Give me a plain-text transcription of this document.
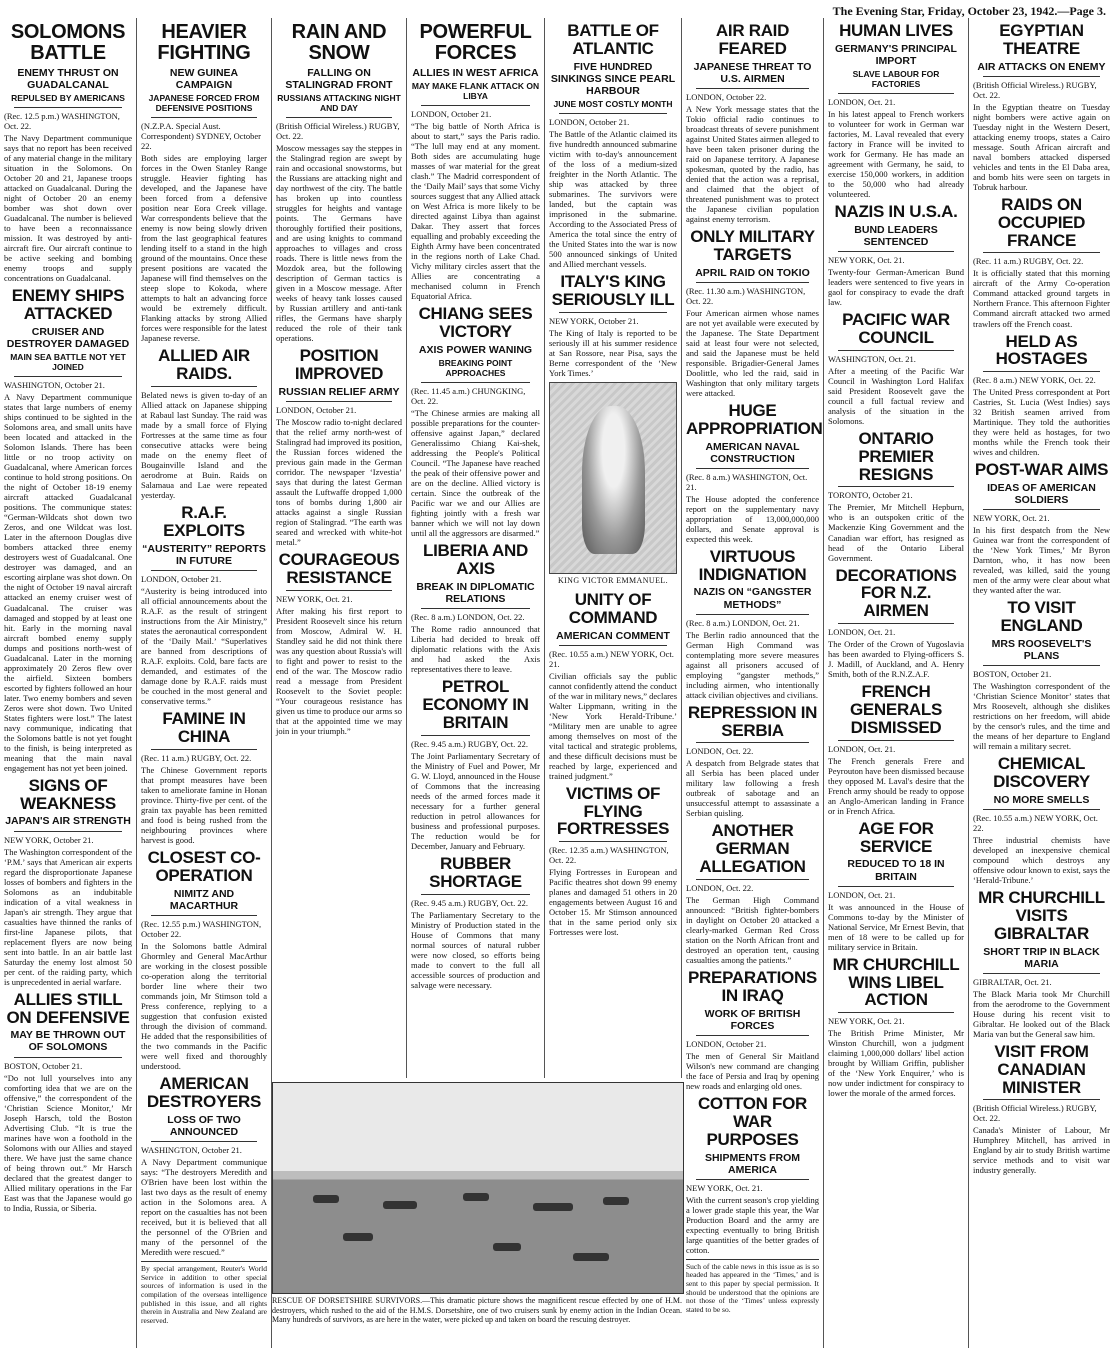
The Evening Star, Friday, October 23, 1942.—Page 3.
SOLOMONS BATTLE
ENEMY THRUST ON GUADALCANAL
REPULSED BY AMERICANS
(Rec. 12.5 p.m.) WASHINGTON, Oct. 22.

The Navy Department communique says that no report has been received of any material change in the military situation in the Solomons. On October 20 and 21, Japanese troops attacked on Guadalcanal. During the night of October 20 an enemy bomber was shot down over Guadalcanal. The number is believed to have been a reconnaissance mission. It was destroyed by anti-aircraft fire. Our aircraft continue to be active seeking and bombing enemy troops and supply concentrations on Guadalcanal.

ENEMY SHIPS ATTACKED
CRUISER AND DESTROYER DAMAGED
MAIN SEA BATTLE NOT YET JOINED
WASHINGTON, October 21.

A Navy Department communique states that large numbers of enemy ships continued to be sighted in the Solomons area, and small units have been located and attacked in the Solomon Islands. There has been little or no troop activity on Guadalcanal, where American forces continue to hold strong positions. On the night of October 18-19 enemy aircraft attacked Guadalcanal positions. The communique states: “German-Wildcats shot down two Zeros, and one Wildcat was lost. Later in the afternoon Douglas dive bombers attacked three enemy destroyers west of Guadalcanal. One destroyer was damaged, and an escorting airplane was shot down. On the night of October 19 naval aircraft attacked an enemy cruiser west of Guadalcanal. The cruiser was damaged and stopped by at least one hit. Early in the morning naval aircraft bombed enemy supply dumps and positions north-west of Guadalcanal. Later in the morning approximately 20 Zeros flew over the airfield. Sixteen bombers escorted by fighters followed an hour later. Two enemy bombers and seven Zeros were shot down. Two United States fighters were lost.” The latest navy communique, indicating that the Solomons battle is not yet fought to the finish, is being interpreted as meaning that the main naval engagement has not yet been joined.

SIGNS OF WEAKNESS
JAPAN'S AIR STRENGTH
NEW YORK, October 21.

The Washington correspondent of the ‘P.M.’ says that American air experts regard the disproportionate Japanese losses of bombers and fighters in the Solomons as an indubitable indication of a vital weakness in Japan's air strength. They argue that casualties have thinned the ranks of first-line Japanese pilots, that replacement flyers are now being sent into battle. In an air battle last Saturday the enemy lost almost 50 per cent. of the raiding party, which is unprecedented in aerial warfare.

ALLIES STILL ON DEFENSIVE
MAY BE THROWN OUT OF SOLOMONS
BOSTON, October 21.

“Do not lull yourselves into any comforting idea that we are on the offensive,” the correspondent of the ‘Christian Science Monitor,’ Mr Joseph Harsch, told the Boston Advertising Club. “It is true the marines have won a foothold in the Solomons with our Allies and stayed there. We have just the same chance of being thrown out.” Mr Harsch declared that the greatest danger to Allied military operations in the Far East was that the Japanese would go to India, Russia, or Siberia.

HEAVIER FIGHTING
NEW GUINEA CAMPAIGN
JAPANESE FORCED FROM DEFENSIVE POSITIONS
(N.Z.P.A. Special Aust. Correspondent) SYDNEY, October 22.

Both sides are employing larger forces in the Owen Stanley Range struggle. Heavier fighting has developed, and the Japanese have been forced from a defensive position near Eora Creek village. War correspondents believe that the enemy is now being slowly driven from the last geographical features lending itself to a stand in the high ground of the mountains. Once these present positions are vacated the Japanese will find themselves on the steep slope to Kokoda, where attempts to halt an advancing force would be extremely difficult. Flanking attacks by strong Allied forces were responsible for the latest Japanese reverse.

ALLIED AIR RAIDS.

Belated news is given to-day of an Allied attack on Japanese shipping at Rabaul last Sunday. The raid was made by a small force of Flying Fortresses at the same time as four consecutive attacks were being made on the enemy fleet of Bougainville Island and the aerodrome at Buin. Raids on Salamaua and Lae were repeated yesterday.

R.A.F. EXPLOITS
“AUSTERITY” REPORTS IN FUTURE
LONDON, October 21.

“Austerity is being introduced into all official announcements about the R.A.F. as the result of stringent instructions from the Air Ministry,” states the aeronautical correspondent of the ‘Daily Mail.’ “Superlatives are banned from descriptions of R.A.F. exploits. Cold, bare facts are demanded, and estimates of the damage done by R.A.F. raids must be couched in the most general and conservative terms.”

FAMINE IN CHINA
(Rec. 11 a.m.) RUGBY, Oct. 22.

The Chinese Government reports that prompt measures have been taken to ameliorate famine in Honan province. Thirty-five per cent. of the grain tax payable has been remitted and food is being rushed from the neighbouring provinces where harvest is good.

CLOSEST CO-OPERATION
NIMITZ AND MACARTHUR
(Rec. 12.55 p.m.) WASHINGTON, October 22.

In the Solomons battle Admiral Ghormley and General MacArthur are working in the closest possible co-operation along the territorial border line where their two commands join, Mr Stimson told a Press conference, replying to a suggestion that confusion existed through the division of command. He added that the responsibilities of the two commands in the Pacific were well fixed and thoroughly understood.

AMERICAN DESTROYERS
LOSS OF TWO ANNOUNCED
WASHINGTON, October 21.

A Navy Department communique says: “The destroyers Meredith and O'Brien have been lost within the last two days as the result of enemy action in the Solomons area. A report on the casualties has not been received, but it is believed that all the personnel of the O'Brien and many of the personnel of the Meredith were rescued.”

By special arrangement, Reuter's World Service in addition to other special sources of information is used in the compilation of the overseas intelligence published in this issue, and all rights therein in Australia and New Zealand are reserved.
RAIN AND SNOW
FALLING ON STALINGRAD FRONT
RUSSIANS ATTACKING NIGHT AND DAY
(British Official Wireless.) RUGBY, Oct. 22.

Moscow messages say the steppes in the Stalingrad region are swept by rain and occasional snowstorms, but the Russians are attacking night and day northwest of the city. The battle has broken up into countless struggles for heights and vantage points. The Germans have thoroughly fortified their positions, and are using knights to command approaches to villages and cross roads. There is little news from the Mozdok area, but the following description of German tactics is given in a Moscow message. After weeks of heavy tank losses caused by Russian artillery and anti-tank rifles, the Germans have sharply reduced the role of their tank operations.

POSITION IMPROVED
RUSSIAN RELIEF ARMY
LONDON, October 21.

The Moscow radio to-night declared that the relief army north-west of Stalingrad had improved its position, the Russian forces widened the previous gain made in the German corridor. The newspaper ‘Izvestia’ says that during the latest German assault the Luftwaffe dropped 1,000 tons of bombs during 1,800 air attacks against a single Russian region of Stalingrad. “The earth was seared and wrecked with white-hot metal.”

COURAGEOUS RESISTANCE
NEW YORK, Oct. 21.

After making his first report to President Roosevelt since his return from Moscow, Admiral W. H. Standley said he did not think there was any question about Russia's will to fight and power to resist to the end of the war. The Moscow radio read a message from President Roosevelt to the Soviet people: “Your courageous resistance has given us time to produce our arms so that at the appointed time we may join in your triumph.”

POWERFUL FORCES
ALLIES IN WEST AFRICA
MAY MAKE FLANK ATTACK ON LIBYA
LONDON, October 21.

“The big battle of North Africa is about to start,” says the Paris radio. “The lull may end at any moment. Both sides are accumulating huge masses of war material for the great clash.” The Madrid correspondent of the ‘Daily Mail’ says that some Vichy sources suggest that any Allied attack on West Africa is more likely to be directed against Libya than against Dakar. They assert that forces equalling and probably exceeding the Eighth Army have been concentrated in the regions north of Lake Chad. Vichy military circles assert that the Allies are concentrating a mechanised column in French Equatorial Africa.

CHIANG SEES VICTORY
AXIS POWER WANING
BREAKING POINT APPROACHES
(Rec. 11.45 a.m.) CHUNGKING, Oct. 22.

“The Chinese armies are making all possible preparations for the counter-offensive against Japan,” declared Generalissimo Chiang Kai-shek, addressing the People's Political Council. “The Japanese have reached the peak of their offensive power and are on the decline. Allied victory is certain. Since the outbreak of the Pacific war we and our Allies are fighting jointly with a fresh war banner which we will not lay down until all the aggressors are disarmed.”

LIBERIA AND AXIS
BREAK IN DIPLOMATIC RELATIONS
(Rec. 8 a.m.) LONDON, Oct. 22.

The Rome radio announced that Liberia had decided to break off diplomatic relations with the Axis and had asked the Axis representatives there to leave.

PETROL ECONOMY IN BRITAIN
(Rec. 9.45 a.m.) RUGBY, Oct. 22.

The Joint Parliamentary Secretary of the Ministry of Fuel and Power, Mr G. W. Lloyd, announced in the House of Commons that the increasing needs of the armed forces made it necessary for a further general reduction in petrol allowances for business and professional purposes. The reduction would be for December, January and February.

RUBBER SHORTAGE
(Rec. 9.45 a.m.) RUGBY, Oct. 22.

The Parliamentary Secretary to the Ministry of Production stated in the House of Commons that many normal sources of natural rubber were now closed, so efforts being made to convert to the full all accessible sources of production and salvage were necessary.

BATTLE OF ATLANTIC
FIVE HUNDRED SINKINGS SINCE PEARL HARBOUR
JUNE MOST COSTLY MONTH
LONDON, October 21.

The Battle of the Atlantic claimed its five hundredth announced submarine victim with to-day's announcement of the loss of a medium-sized freighter in the North Atlantic. The ship was attacked by three submarines. The survivors were landed, but the captain was imprisoned in the submarine. According to the Associated Press of America the total since the entry of the United States into the war is now 500 announced sinkings of United and Allied merchant vessels.

ITALY'S KING SERIOUSLY ILL
NEW YORK, October 21.

The King of Italy is reported to be seriously ill at his summer residence at San Rossore, near Pisa, says the Berne correspondent of the ‘New York Times.’

KING VICTOR EMMANUEL.
UNITY OF COMMAND
AMERICAN COMMENT
(Rec. 10.55 a.m.) NEW YORK, Oct. 21.

Civilian officials say the public cannot confidently attend the conduct of the war in military news,” declares Walter Lippmann, writing in the ‘New York Herald-Tribune.’ “Military men are unable to agree among themselves on most of the vital tactical and strategic problems, and these difficult decisions must be reached by large, experienced and trained judgment.”

VICTIMS OF FLYING FORTRESSES
(Rec. 12.35 a.m.) WASHINGTON, Oct. 22.

Flying Fortresses in European and Pacific theatres shot down 99 enemy planes and damaged 51 others in 20 engagements between August 16 and October 15. Mr Stimson announced that in the same period only six Fortresses were lost.

AIR RAID FEARED
JAPANESE THREAT TO U.S. AIRMEN
LONDON, October 22.

A New York message states that the Tokio official radio continues to broadcast threats of severe punishment against United States airmen alleged to have been taken prisoner during the raid on Japanese territory. A Japanese spokesman, quoted by the radio, has denied that the action was a reprisal, and claimed that the object of threatened punishment was to protect the Japanese civilian population against enemy terrorism.

ONLY MILITARY TARGETS
APRIL RAID ON TOKIO
(Rec. 11.30 a.m.) WASHINGTON, Oct. 22.

Four American airmen whose names are not yet available were executed by the Japanese. The State Department said at least four were not selected, and said the Japanese must be held responsible. Brigadier-General James Doolittle, who led the raid, said in Washington that only military targets were attacked.

HUGE APPROPRIATION
AMERICAN NAVAL CONSTRUCTION
(Rec. 8 a.m.) WASHINGTON, Oct. 21.

The House adopted the conference report on the supplementary navy appropriation of 13,000,000,000 dollars, and Senate approval is expected this week.

VIRTUOUS INDIGNATION
NAZIS ON “GANGSTER METHODS”
(Rec. 8 a.m.) LONDON, Oct. 21.

The Berlin radio announced that the German High Command was contemplating more severe measures against all prisoners accused of employing “gangster methods,” including airmen, who intentionally attack civilian objectives and civilians.

REPRESSION IN SERBIA
LONDON, Oct. 22.

A despatch from Belgrade states that all Serbia has been placed under military law following a fresh outbreak of sabotage and an unsuccessful attempt to assassinate a Serbian quisling.

ANOTHER GERMAN ALLEGATION
LONDON, Oct. 22.

The German High Command announced: “British fighter-bombers in daylight on October 20 attacked a clearly-marked German Red Cross station on the North African front and destroyed an operation tent, causing casualties among the patients.”

PREPARATIONS IN IRAQ
WORK OF BRITISH FORCES
LONDON, October 21.

The men of General Sir Maitland Wilson's new command are changing the face of Persia and Iraq by opening new roads and enlarging old ones.

COTTON FOR WAR PURPOSES
SHIPMENTS FROM AMERICA
NEW YORK, Oct. 21.

With the current season's crop yielding a lower grade staple this year, the War Production Board and the army are expecting eventually to bring British large quantities of the better grades of cotton.

Such of the cable news in this issue as is so headed has appeared in the ‘Times,’ and is sent to this paper by special permission. It should be understood that the opinions are not those of the ‘Times’ unless expressly stated to be so.
HUMAN LIVES
GERMANY'S PRINCIPAL IMPORT
SLAVE LABOUR FOR FACTORIES
LONDON, Oct. 21.

In his latest appeal to French workers to volunteer for work in German war factories, M. Laval revealed that every factory in France will be invited to work for Germany. He has made an agreement with Germany, he said, to exercise 150,000 workers, in addition to the 50,000 who had already volunteered.

NAZIS IN U.S.A.
BUND LEADERS SENTENCED
NEW YORK, Oct. 21.

Twenty-four German-American Bund leaders were sentenced to five years in gaol for conspiracy to evade the draft law.

PACIFIC WAR COUNCIL
WASHINGTON, Oct. 21.

After a meeting of the Pacific War Council in Washington Lord Halifax said President Roosevelt gave the council a full factual review and analysis of the situation in the Solomons.

ONTARIO PREMIER RESIGNS
TORONTO, October 21.

The Premier, Mr Mitchell Hepburn, who is an outspoken critic of the Mackenzie King Government and the Canadian war effort, has resigned as head of the Ontario Liberal Government.

DECORATIONS FOR N.Z. AIRMEN
LONDON, Oct. 21.

The Order of the Crown of Yugoslavia has been awarded to Flying-officers S. J. Madill, of Auckland, and A. Henry Smith, both of the R.N.Z.A.F.

FRENCH GENERALS DISMISSED
LONDON, Oct. 21.

The French generals Frere and Peyrouton have been dismissed because they opposed M. Laval's desire that the French army should be ready to oppose an Anglo-American landing in France or in French Africa.

AGE FOR SERVICE
REDUCED TO 18 IN BRITAIN
LONDON, Oct. 21.

It was announced in the House of Commons to-day by the Minister of National Service, Mr Ernest Bevin, that men of 18 were to be called up for military service in Britain.

MR CHURCHILL WINS LIBEL ACTION
NEW YORK, Oct. 21.

The British Prime Minister, Mr Winston Churchill, won a judgment claiming 1,000,000 dollars' libel action brought by William Griffin, publisher of the ‘New York Enquirer,’ who is now under indictment for conspiracy to lower the morale of the armed forces.

EGYPTIAN THEATRE
AIR ATTACKS ON ENEMY
(British Official Wireless.) RUGBY, Oct. 22.

In the Egyptian theatre on Tuesday night bombers were active again on Tuesday night in the Western Desert, attacking enemy troops, states a Cairo message. South African aircraft and naval bombers attacked dispersed vehicles and tents in the El Daba area, and bomb hits were seen on targets in Tobruk harbour.

RAIDS ON OCCUPIED FRANCE
(Rec. 11 a.m.) RUGBY, Oct. 22.

It is officially stated that this morning aircraft of the Army Co-operation Command attacked ground targets in Northern France. This afternoon Fighter Command aircraft attacked two armed trawlers off the French coast.

HELD AS HOSTAGES
(Rec. 8 a.m.) NEW YORK, Oct. 22.

The United Press correspondent at Port Castries, St. Lucia (West Indies) says 32 British seamen arrived from Martinique. They told the authorities they were held as hostages, for two months while the French took their wives and children.

POST-WAR AIMS
IDEAS OF AMERICAN SOLDIERS
NEW YORK, Oct. 21.

In his first despatch from the New Guinea war front the correspondent of the ‘New York Times,’ Mr Byron Darnton, who, it has now been revealed, was killed, said the young men of the army were clear about what they wanted after the war.

TO VISIT ENGLAND
MRS ROOSEVELT'S PLANS
BOSTON, October 21.

The Washington correspondent of the ‘Christian Science Monitor’ states that Mrs Roosevelt, although she dislikes restrictions on her freedom, will abide by the censor's rules, and the time and the means of her departure to England will remain a military secret.

CHEMICAL DISCOVERY
NO MORE SMELLS
(Rec. 10.55 a.m.) NEW YORK, Oct. 22.

Three industrial chemists have developed an inexpensive chemical compound which destroys any offensive odour known to exist, says the ‘Herald-Tribune.’

MR CHURCHILL VISITS GIBRALTAR
SHORT TRIP IN BLACK MARIA
GIBRALTAR, Oct. 21.

The Black Maria took Mr Churchill from the aerodrome to the Government House during his recent visit to Gibraltar. He looked out of the Black Maria van but the General saw him.

VISIT FROM CANADIAN MINISTER
(British Official Wireless.) RUGBY, Oct. 22.

Canada's Minister of Labour, Mr Humphrey Mitchell, has arrived in England by air to study British wartime service methods and to visit war industry generally.

RESCUE OF DORSETSHIRE SURVIVORS.—This dramatic picture shows the magnificent rescue effected by one of H.M. destroyers, which rushed to the aid of the H.M.S. Dorsetshire, one of two cruisers sunk by enemy action in the Indian Ocean. Many hundreds of survivors, as are here in the water, were picked up and taken on board the rescuing destroyer.
